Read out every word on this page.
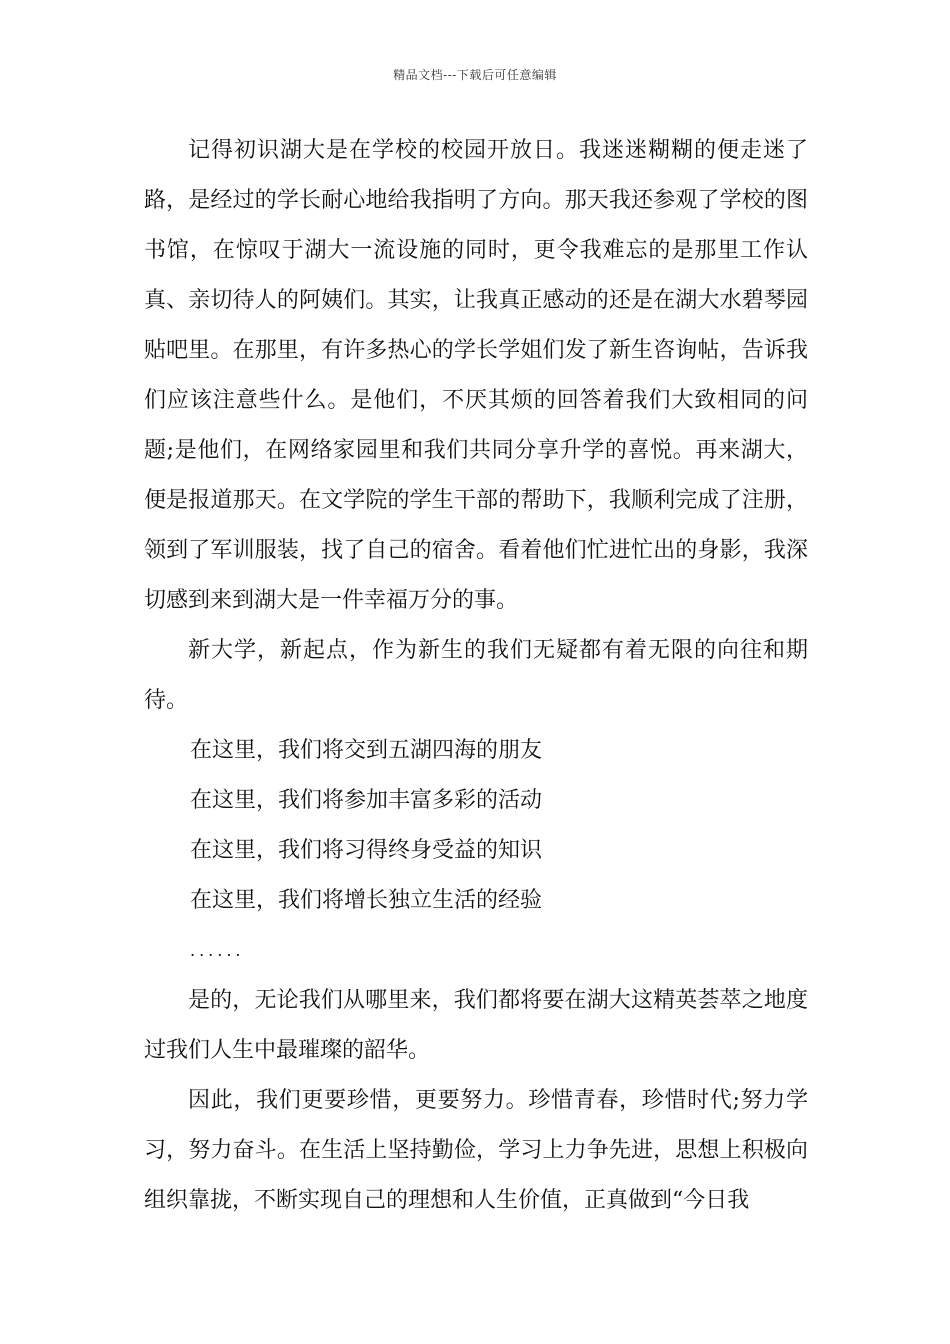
精品文档---下载后可任意编辑

记得初识湖大是在学校的校园开放日。我迷迷糊糊的便走迷了路，是经过的学长耐心地给我指明了方向。那天我还参观了学校的图书馆，在惊叹于湖大一流设施的同时，更令我难忘的是那里工作认真、亲切待人的阿姨们。其实，让我真正感动的还是在湖大水碧琴园贴吧里。在那里，有许多热心的学长学姐们发了新生咨询帖，告诉我们应该注意些什么。是他们，不厌其烦的回答着我们大致相同的问题;是他们，在网络家园里和我们共同分享升学的喜悦。再来湖大，便是报道那天。在文学院的学生干部的帮助下，我顺利完成了注册，领到了军训服装，找了自己的宿舍。看着他们忙进忙出的身影，我深切感到来到湖大是一件幸福万分的事。

新大学，新起点，作为新生的我们无疑都有着无限的向往和期待。

在这里，我们将交到五湖四海的朋友

在这里，我们将参加丰富多彩的活动

在这里，我们将习得终身受益的知识

在这里，我们将增长独立生活的经验

......

是的，无论我们从哪里来，我们都将要在湖大这精英荟萃之地度过我们人生中最璀璨的韶华。

因此，我们更要珍惜，更要努力。珍惜青春，珍惜时代;努力学习，努力奋斗。在生活上坚持勤俭，学习上力争先进，思想上积极向组织靠拢，不断实现自己的理想和人生价值，正真做到“今日我
